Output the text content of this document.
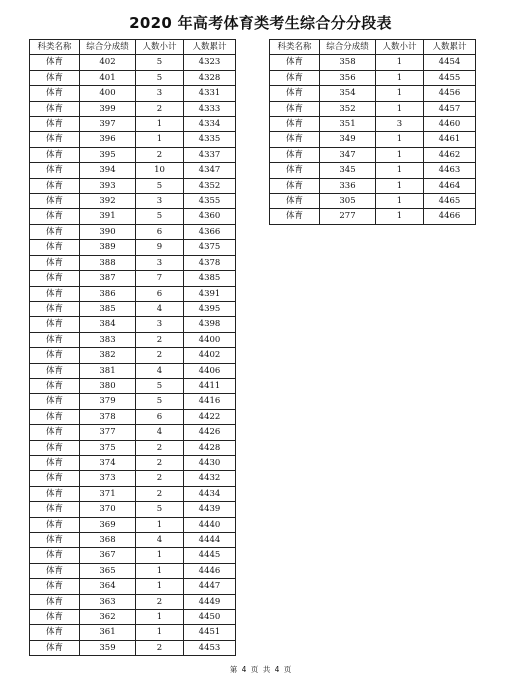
2020 年高考体育类考生综合分分段表
科类名称	综合分成绩	人数小计	人数累计
体育	402	5	4323
体育	401	5	4328
体育	400	3	4331
体育	399	2	4333
体育	397	1	4334
体育	396	1	4335
体育	395	2	4337
体育	394	10	4347
体育	393	5	4352
体育	392	3	4355
体育	391	5	4360
体育	390	6	4366
体育	389	9	4375
体育	388	3	4378
体育	387	7	4385
体育	386	6	4391
体育	385	4	4395
体育	384	3	4398
体育	383	2	4400
体育	382	2	4402
体育	381	4	4406
体育	380	5	4411
体育	379	5	4416
体育	378	6	4422
体育	377	4	4426
体育	375	2	4428
体育	374	2	4430
体育	373	2	4432
体育	371	2	4434
体育	370	5	4439
体育	369	1	4440
体育	368	4	4444
体育	367	1	4445
体育	365	1	4446
体育	364	1	4447
体育	363	2	4449
体育	362	1	4450
体育	361	1	4451
体育	359	2	4453
科类名称	综合分成绩	人数小计	人数累计
体育	358	1	4454
体育	356	1	4455
体育	354	1	4456
体育	352	1	4457
体育	351	3	4460
体育	349	1	4461
体育	347	1	4462
体育	345	1	4463
体育	336	1	4464
体育	305	1	4465
体育	277	1	4466
第 4 页 共 4 页
